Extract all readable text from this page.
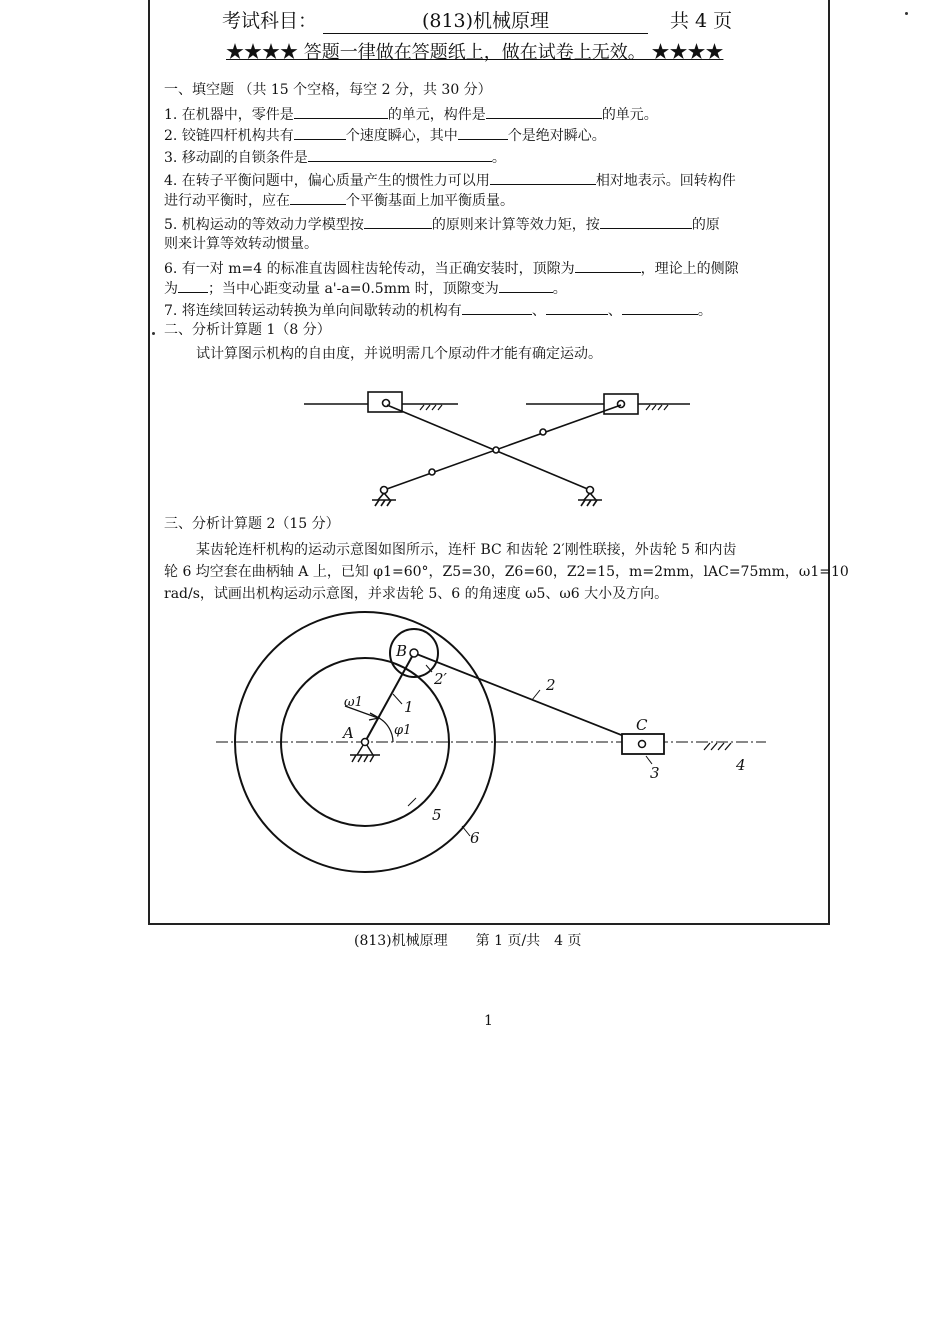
考试科目：	(813)机械原理	共 4 页
★★★★ 答题一律做在答题纸上，做在试卷上无效。 ★★★★
一、填空题 （共 15 个空格，每空 2 分，共 30 分）
1. 在机器中，零件是	的单元，构件是	的单元。
2. 铰链四杆机构共有	个速度瞬心，其中	个是绝对瞬心。
3. 移动副的自锁条件是	。
4. 在转子平衡问题中，偏心质量产生的惯性力可以用	相对地表示。回转构件
进行动平衡时，应在	个平衡基面上加平衡质量。
5. 机构运动的等效动力学模型按	的原则来计算等效力矩，按	的原
则来计算等效转动惯量。
6. 有一对 m=4 的标准直齿圆柱齿轮传动，当正确安装时，顶隙为	，理论上的侧隙
为 ；当中心距变动量 a'-a=0.5mm 时，顶隙变为	。
7. 将连续回转运动转换为单向间歇转动的机构有	、	、	。
二、分析计算题 1（8 分）
试计算图示机构的自由度，并说明需几个原动件才能有确定运动。
三、分析计算题 2（15 分）
某齿轮连杆机构的运动示意图如图所示，连杆 BC 和齿轮 2′刚性联接，外齿轮 5 和内齿
轮 6 均空套在曲柄轴 A 上，已知 φ1=60°，Z5=30，Z6=60，Z2=15，m=2mm，lAC=75mm，ω1=10
rad/s，试画出机构运动示意图，并求齿轮 5、6 的角速度 ω5、ω6 大小及方向。
B
A	C
1
2
2′
3	4
5
6
ω1
φ1
(813)机械原理　　第 1 页/共　4 页
1
